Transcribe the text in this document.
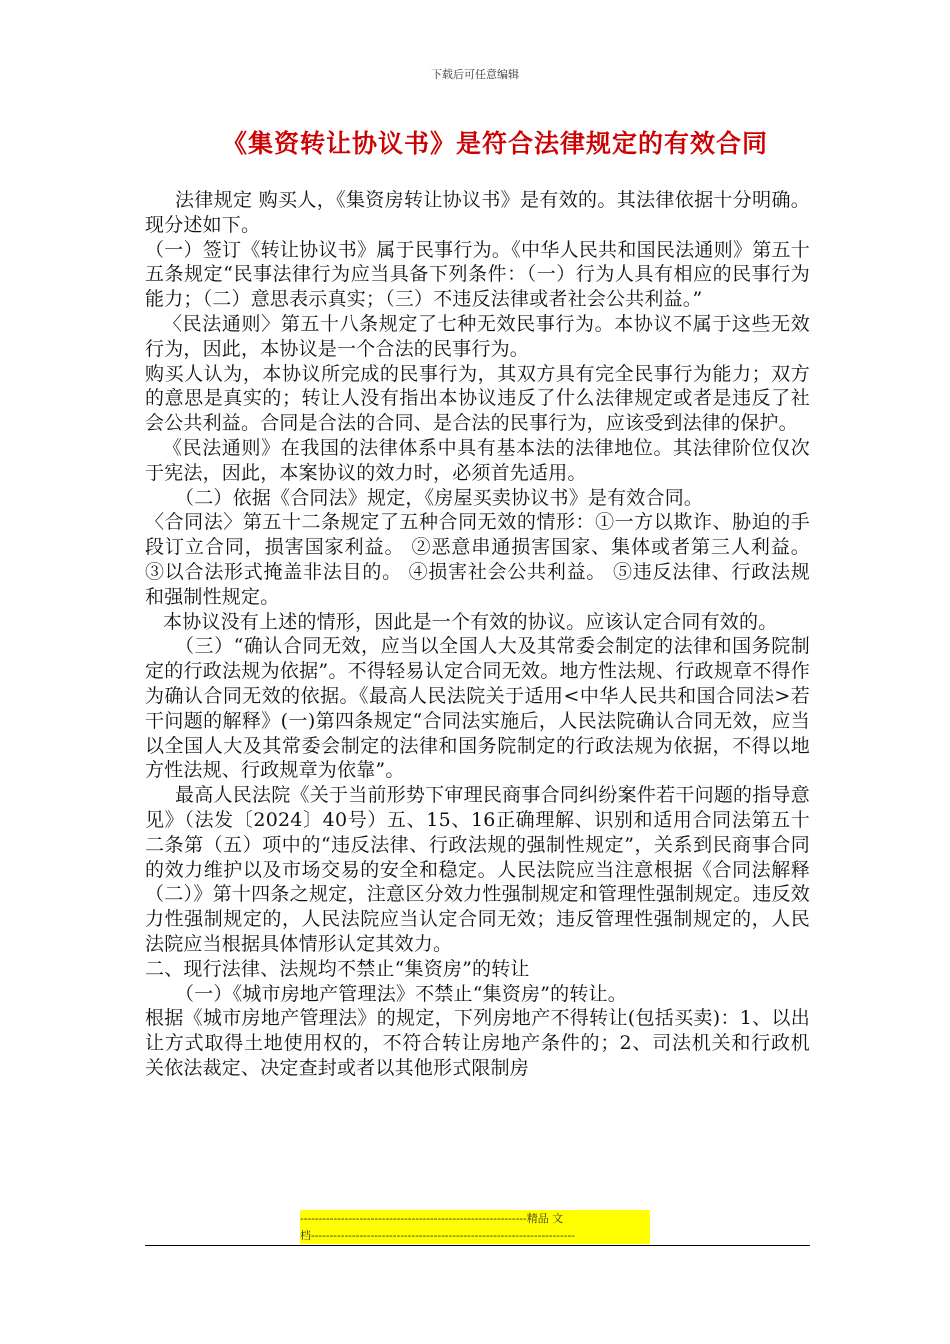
下载后可任意编辑
《集资转让协议书》是符合法律规定的有效合同

法律规定 购买人，《集资房转让协议书》是有效的。其法律依据十分明确。现分述如下。

（一）签订《转让协议书》属于民事行为。《中华人民共和国民法通则》第五十五条规定“民事法律行为应当具备下列条件：（一）行为人具有相应的民事行为能力；（二）意思表示真实；（三）不违反法律或者社会公共利益。”

〈民法通则〉第五十八条规定了七种无效民事行为。本协议不属于这些无效行为，因此，本协议是一个合法的民事行为。

购买人认为，本协议所完成的民事行为，其双方具有完全民事行为能力；双方的意思是真实的；转让人没有指出本协议违反了什么法律规定或者是违反了社会公共利益。合同是合法的合同、是合法的民事行为，应该受到法律的保护。

《民法通则》在我国的法律体系中具有基本法的法律地位。其法律阶位仅次于宪法，因此，本案协议的效力时，必须首先适用。

（二）依据《合同法》规定，《房屋买卖协议书》是有效合同。

〈合同法〉第五十二条规定了五种合同无效的情形：①一方以欺诈、胁迫的手段订立合同，损害国家利益。 ②恶意串通损害国家、集体或者第三人利益。 ③以合法形式掩盖非法目的。 ④损害社会公共利益。 ⑤违反法律、行政法规和强制性规定。

本协议没有上述的情形，因此是一个有效的协议。应该认定合同有效的。

（三）“确认合同无效，应当以全国人大及其常委会制定的法律和国务院制定的行政法规为依据”。不得轻易认定合同无效。地方性法规、行政规章不得作为确认合同无效的依据。《最高人民法院关于适用<中华人民共和国合同法>若干问题的解释》(一)第四条规定“合同法实施后，人民法院确认合同无效，应当以全国人大及其常委会制定的法律和国务院制定的行政法规为依据，不得以地方性法规、行政规章为依靠”。

最高人民法院《关于当前形势下审理民商事合同纠纷案件若干问题的指导意见》（法发〔2024〕40号）五、15、16正确理解、识别和适用合同法第五十二条第（五）项中的“违反法律、行政法规的强制性规定”，关系到民商事合同的效力维护以及市场交易的安全和稳定。人民法院应当注意根据《合同法解释（二）》第十四条之规定，注意区分效力性强制规定和管理性强制规定。违反效力性强制规定的，人民法院应当认定合同无效；违反管理性强制规定的，人民法院应当根据具体情形认定其效力。

二、现行法律、法规均不禁止“集资房”的转让

（一）《城市房地产管理法》不禁止“集资房”的转让。

根据《城市房地产管理法》的规定，下列房地产不得转让(包括买卖)：1、以出让方式取得土地使用权的，不符合转让房地产条件的；2、司法机关和行政机关依法裁定、决定查封或者以其他形式限制房

-------------------------------------------------------------精品 文
档-----------------------------------------------------------------------
